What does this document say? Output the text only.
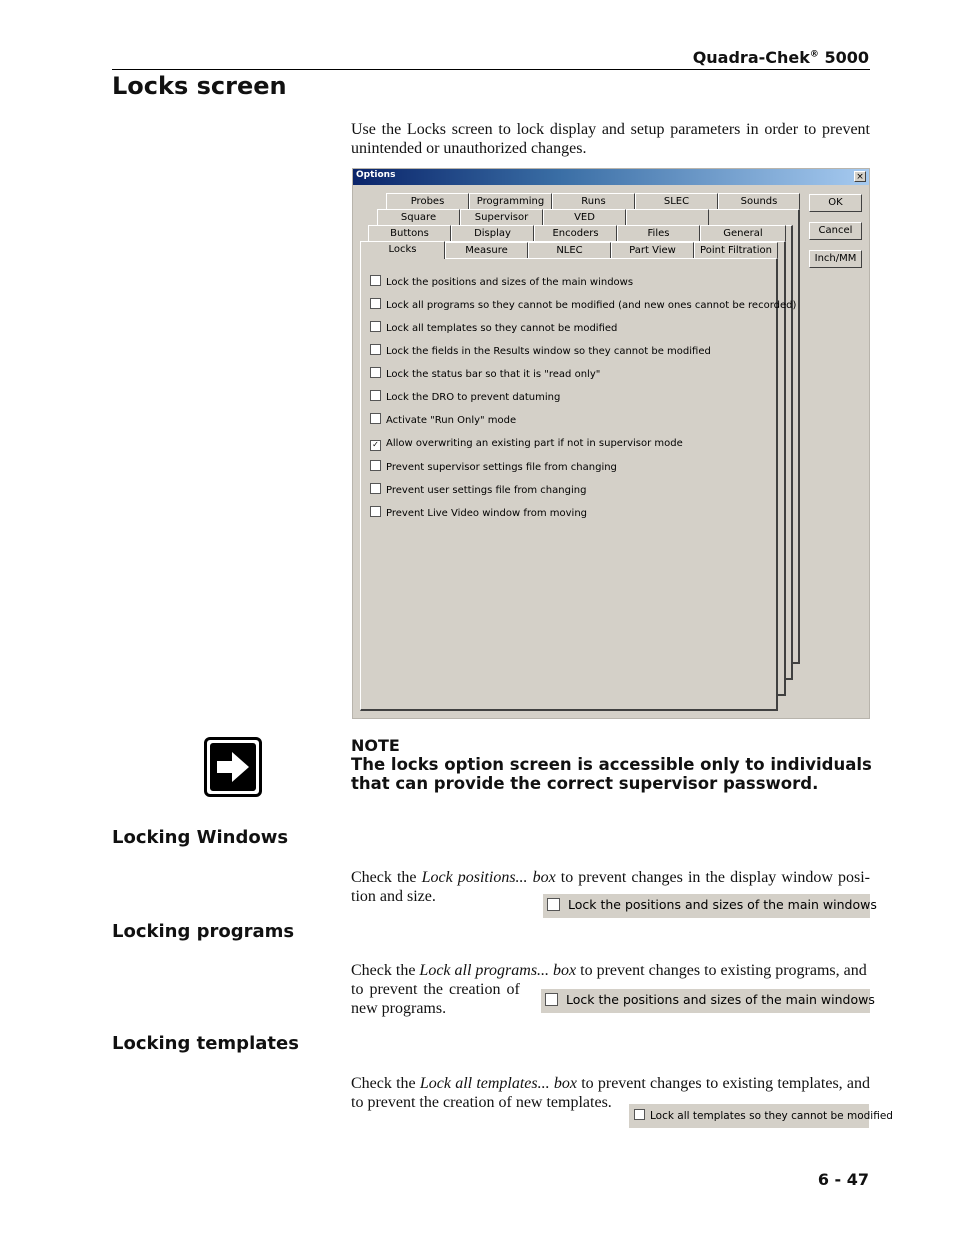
Quadra-Chek® 5000
Locks screen
Use the Locks screen to lock display and setup parameters in order to prevent unintended or unauthorized changes.
Options	×
Probes	Programming	Runs	SLEC	Sounds
Square	Supervisor	VED
Buttons	Display	Encoders	Files	General
Locks	Measure	NLEC	Part View	Point Filtration
OK
Cancel
Inch/MM
Lock the positions and sizes of the main windows
Lock all programs so they cannot be modified (and new ones cannot be recorded)
Lock all templates so they cannot be modified
Lock the fields in the Results window so they cannot be modified
Lock the status bar so that it is "read only"
Lock the DRO to prevent datuming
Activate "Run Only" mode
✓ Allow overwriting an existing part if not in supervisor mode
Prevent supervisor settings file from changing
Prevent user settings file from changing
Prevent Live Video window from moving
NOTE
The locks option screen is accessible only to individuals that can provide the correct supervisor password.
Locking Windows
Check the Lock positions... box to prevent changes in the display window posi-tion and size.	Lock the positions and sizes of the main windows
Locking programs
Check the Lock all programs... box to prevent changes to existing programs, and
to prevent the creation of
new programs.
Lock the positions and sizes of the main windows
Locking templates
Check the Lock all templates... box to prevent changes to existing templates, and to prevent the creation of new templates.
Lock all templates so they cannot be modified
6 - 47
